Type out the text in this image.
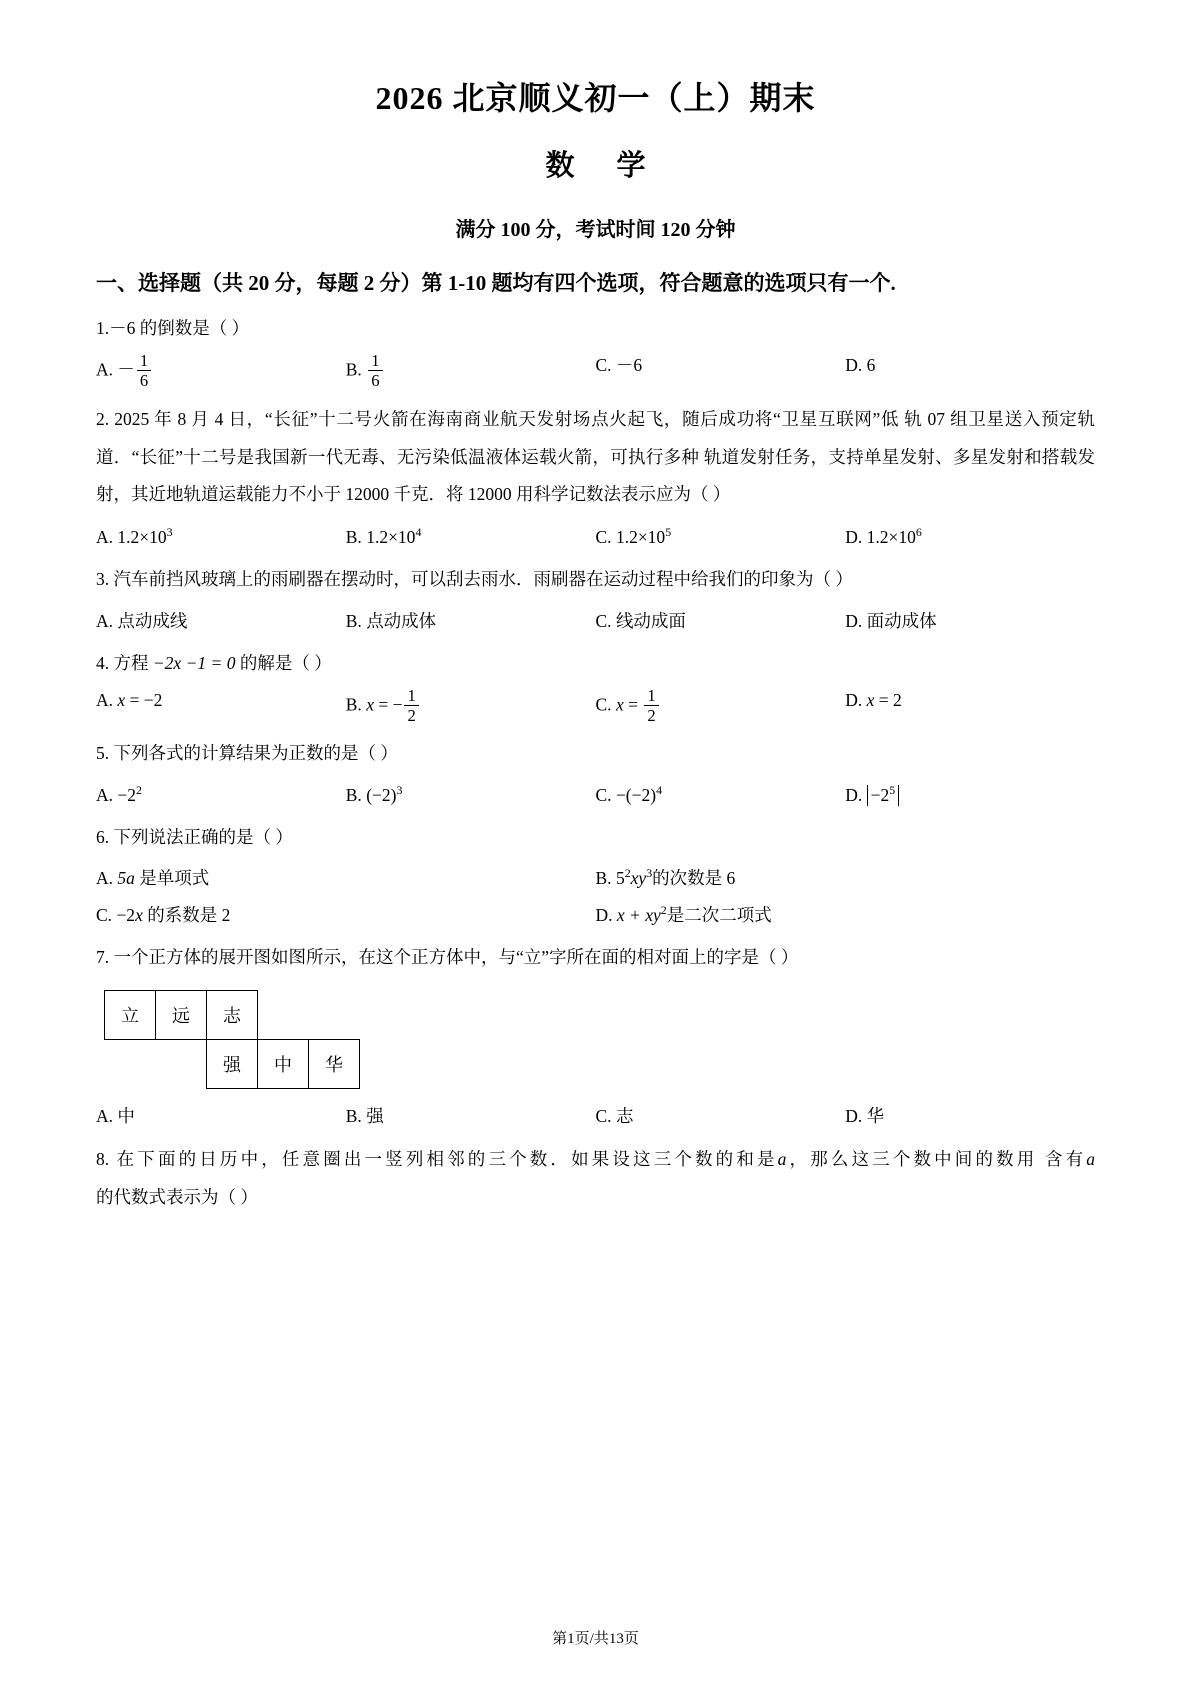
2026 北京顺义初一（上）期末
数 学

满分 100 分，考试时间 120 分钟

一、选择题（共 20 分，每题 2 分）第 1-10 题均有四个选项，符合题意的选项只有一个.

1.－6 的倒数是（ ）

A. － $\frac{1}{6}$	B. $\frac{1}{6}$	C. －6	D. 6

2. 2025 年 8 月 4 日，“长征”十二号火箭在海南商业航天发射场点火起飞，随后成功将“卫星互联网”低 轨 07 组卫星送入预定轨道．“长征”十二号是我国新一代无毒、无污染低温液体运载火箭，可执行多种 轨道发射任务，支持单星发射、多星发射和搭载发射，其近地轨道运载能力不小于 12000 千克．将 12000 用科学记数法表示应为（ ）

A. $1.2\times 10^3$	B. $1.2\times 10^4$	C. $1.2\times 10^5$	D. $1.2\times 10^6$

3. 汽车前挡风玻璃上的雨刷器在摆动时，可以刮去雨水．雨刷器在运动过程中给我们的印象为（ ）

A. 点动成线	B. 点动成体	C. 线动成面	D. 面动成体

4. 方程 −2x −1 = 0 的解是（ ）

A. x = −2	B. x = − $\frac{1}{2}$	C. $x = \frac{1}{2}$	D. x = 2

5. 下列各式的计算结果为正数的是（ ）

A. $-2^2$	B. $(-2)^3$	C. $-(-2)^4$	D. $-2^5$

6. 下列说法正确的是（ ）

A. 5a 是单项式	B. $5^2xy^3$的次数是 6
C. −2x 的系数是 2	D. $x + xy^2$是二次二项式

7. 一个正方体的展开图如图所示，在这个正方体中，与“立”字所在面的相对面上的字是（ ）

立	远	志		
		强	中	华
A. 中	B. 强	C. 志	D. 华

8. 在下面的日历中，任意圈出一竖列相邻的三个数．如果设这三个数的和是a，那么这三个数中间的数用 含有a的代数式表示为（ ）

第1页/共13页
